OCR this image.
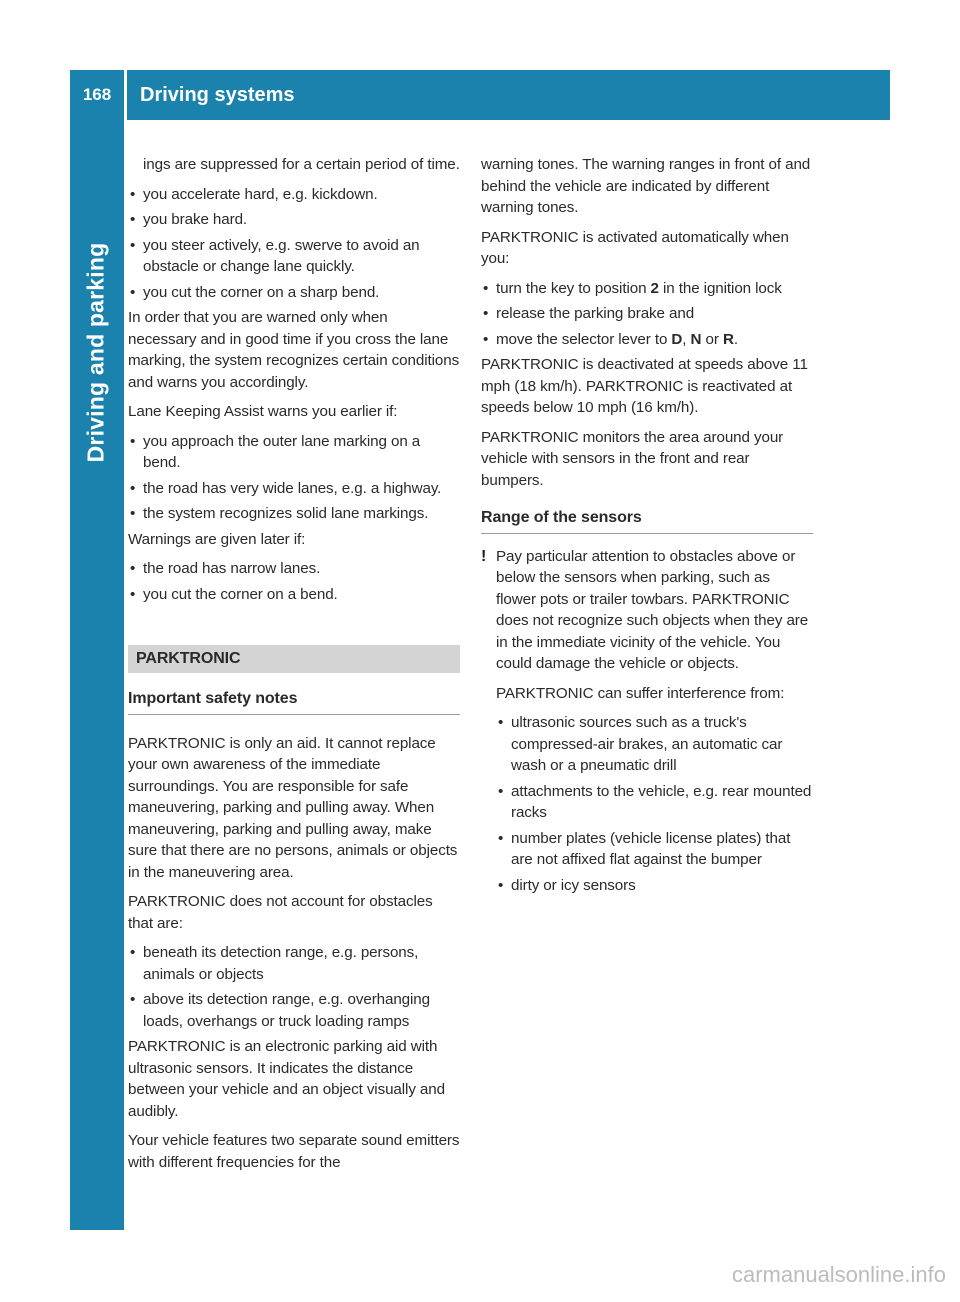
Driving and parking
168	Driving systems

ings are suppressed for a certain period of time.

• you accelerate hard, e.g. kickdown.
• you brake hard.
• you steer actively, e.g. swerve to avoid an obstacle or change lane quickly.
• you cut the corner on a sharp bend.

In order that you are warned only when necessary and in good time if you cross the lane marking, the system recognizes certain conditions and warns you accordingly.

Lane Keeping Assist warns you earlier if:

• you approach the outer lane marking on a bend.
• the road has very wide lanes, e.g. a highway.
• the system recognizes solid lane markings.

Warnings are given later if:

• the road has narrow lanes.
• you cut the corner on a bend.
PARKTRONIC
Important safety notes

PARKTRONIC is only an aid. It cannot replace your own awareness of the immediate surroundings. You are responsible for safe maneuvering, parking and pulling away. When maneuvering, parking and pulling away, make sure that there are no persons, animals or objects in the maneuvering area.

PARKTRONIC does not account for obstacles that are:

• beneath its detection range, e.g. persons, animals or objects
• above its detection range, e.g. overhanging loads, overhangs or truck loading ramps

PARKTRONIC is an electronic parking aid with ultrasonic sensors. It indicates the distance between your vehicle and an object visually and audibly.

Your vehicle features two separate sound emitters with different frequencies for the

warning tones. The warning ranges in front of and behind the vehicle are indicated by different warning tones.

PARKTRONIC is activated automatically when you:

• turn the key to position 2 in the ignition lock
• release the parking brake and
• move the selector lever to D, N or R.

PARKTRONIC is deactivated at speeds above 11 mph (18 km/h). PARKTRONIC is reactivated at speeds below 10 mph (16 km/h).

PARKTRONIC monitors the area around your vehicle with sensors in the front and rear bumpers.

Range of the sensors
! Pay particular attention to obstacles above or below the sensors when parking, such as flower pots or trailer towbars. PARKTRONIC does not recognize such objects when they are in the immediate vicinity of the vehicle. You could damage the vehicle or objects.

PARKTRONIC can suffer interference from:

• ultrasonic sources such as a truck's compressed-air brakes, an automatic car wash or a pneumatic drill
• attachments to the vehicle, e.g. rear mounted racks
• number plates (vehicle license plates) that are not affixed flat against the bumper
• dirty or icy sensors
carmanualsonline.info
